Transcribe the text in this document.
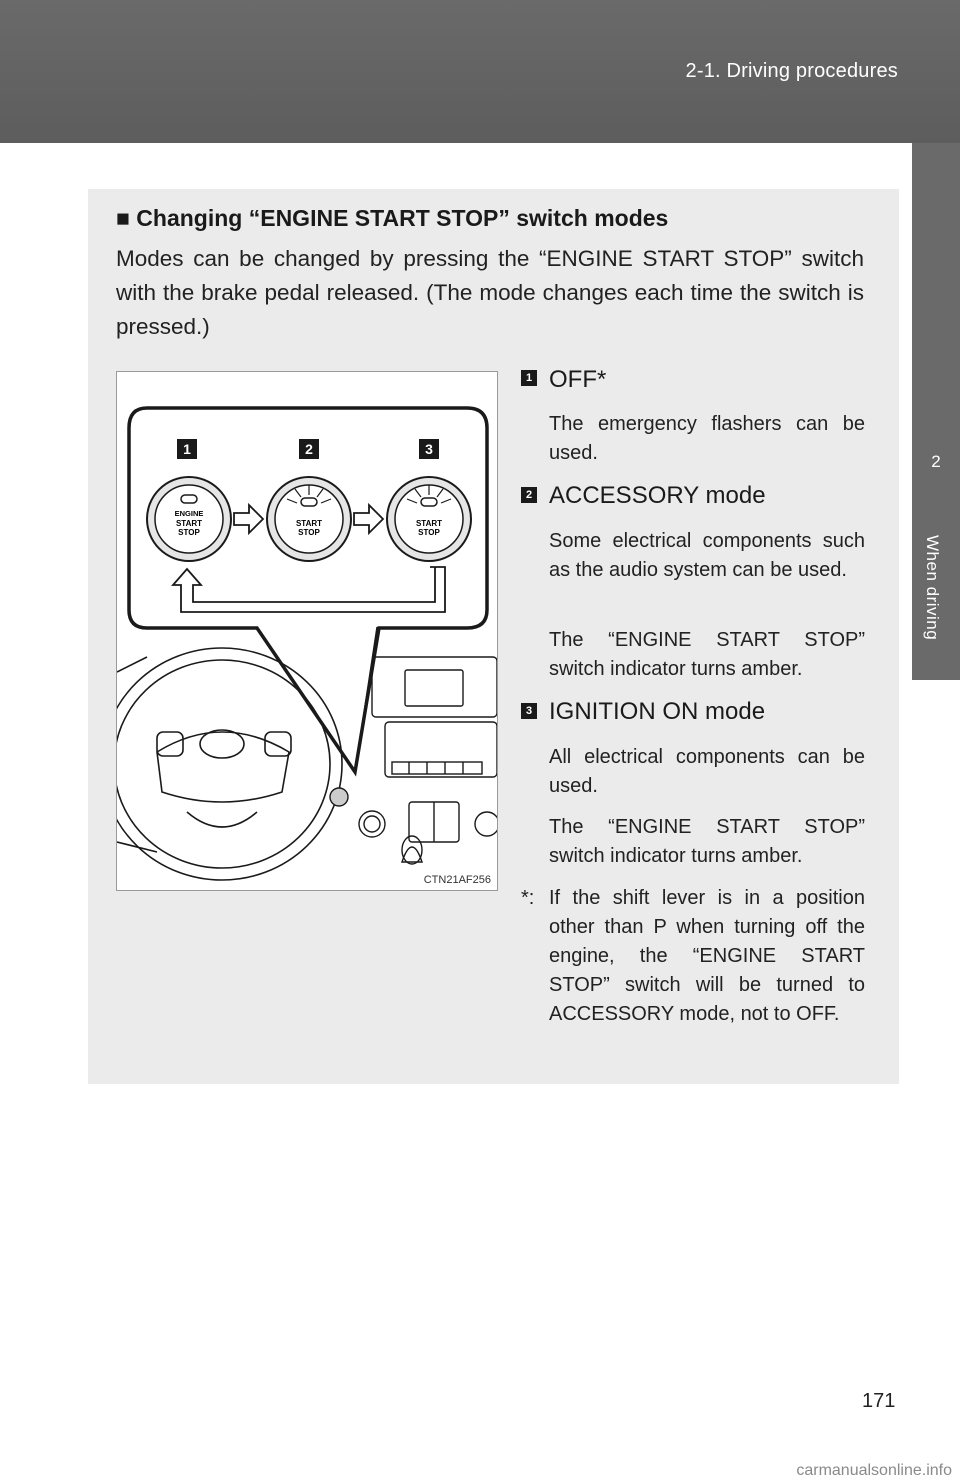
2-1. Driving procedures
2
When driving
■ Changing “ENGINE START STOP” switch modes
Modes can be changed by pressing the “ENGINE START STOP” switch with the brake pedal released. (The mode changes each time the switch is pressed.)
1	2	3
ENGINE
START
STOP
START
STOP
START
STOP
CTN21AF256
1 OFF*
The emergency flashers can be used.
2 ACCESSORY mode
Some electrical components such as the audio system can be used.
The “ENGINE START STOP” switch indicator turns amber.
3 IGNITION ON mode
All electrical components can be used.
The “ENGINE START STOP” switch indicator turns amber.
*: If the shift lever is in a position other than P when turning off the engine, the “ENGINE START STOP” switch will be turned to ACCESSORY mode, not to OFF.
171
carmanualsonline.info
